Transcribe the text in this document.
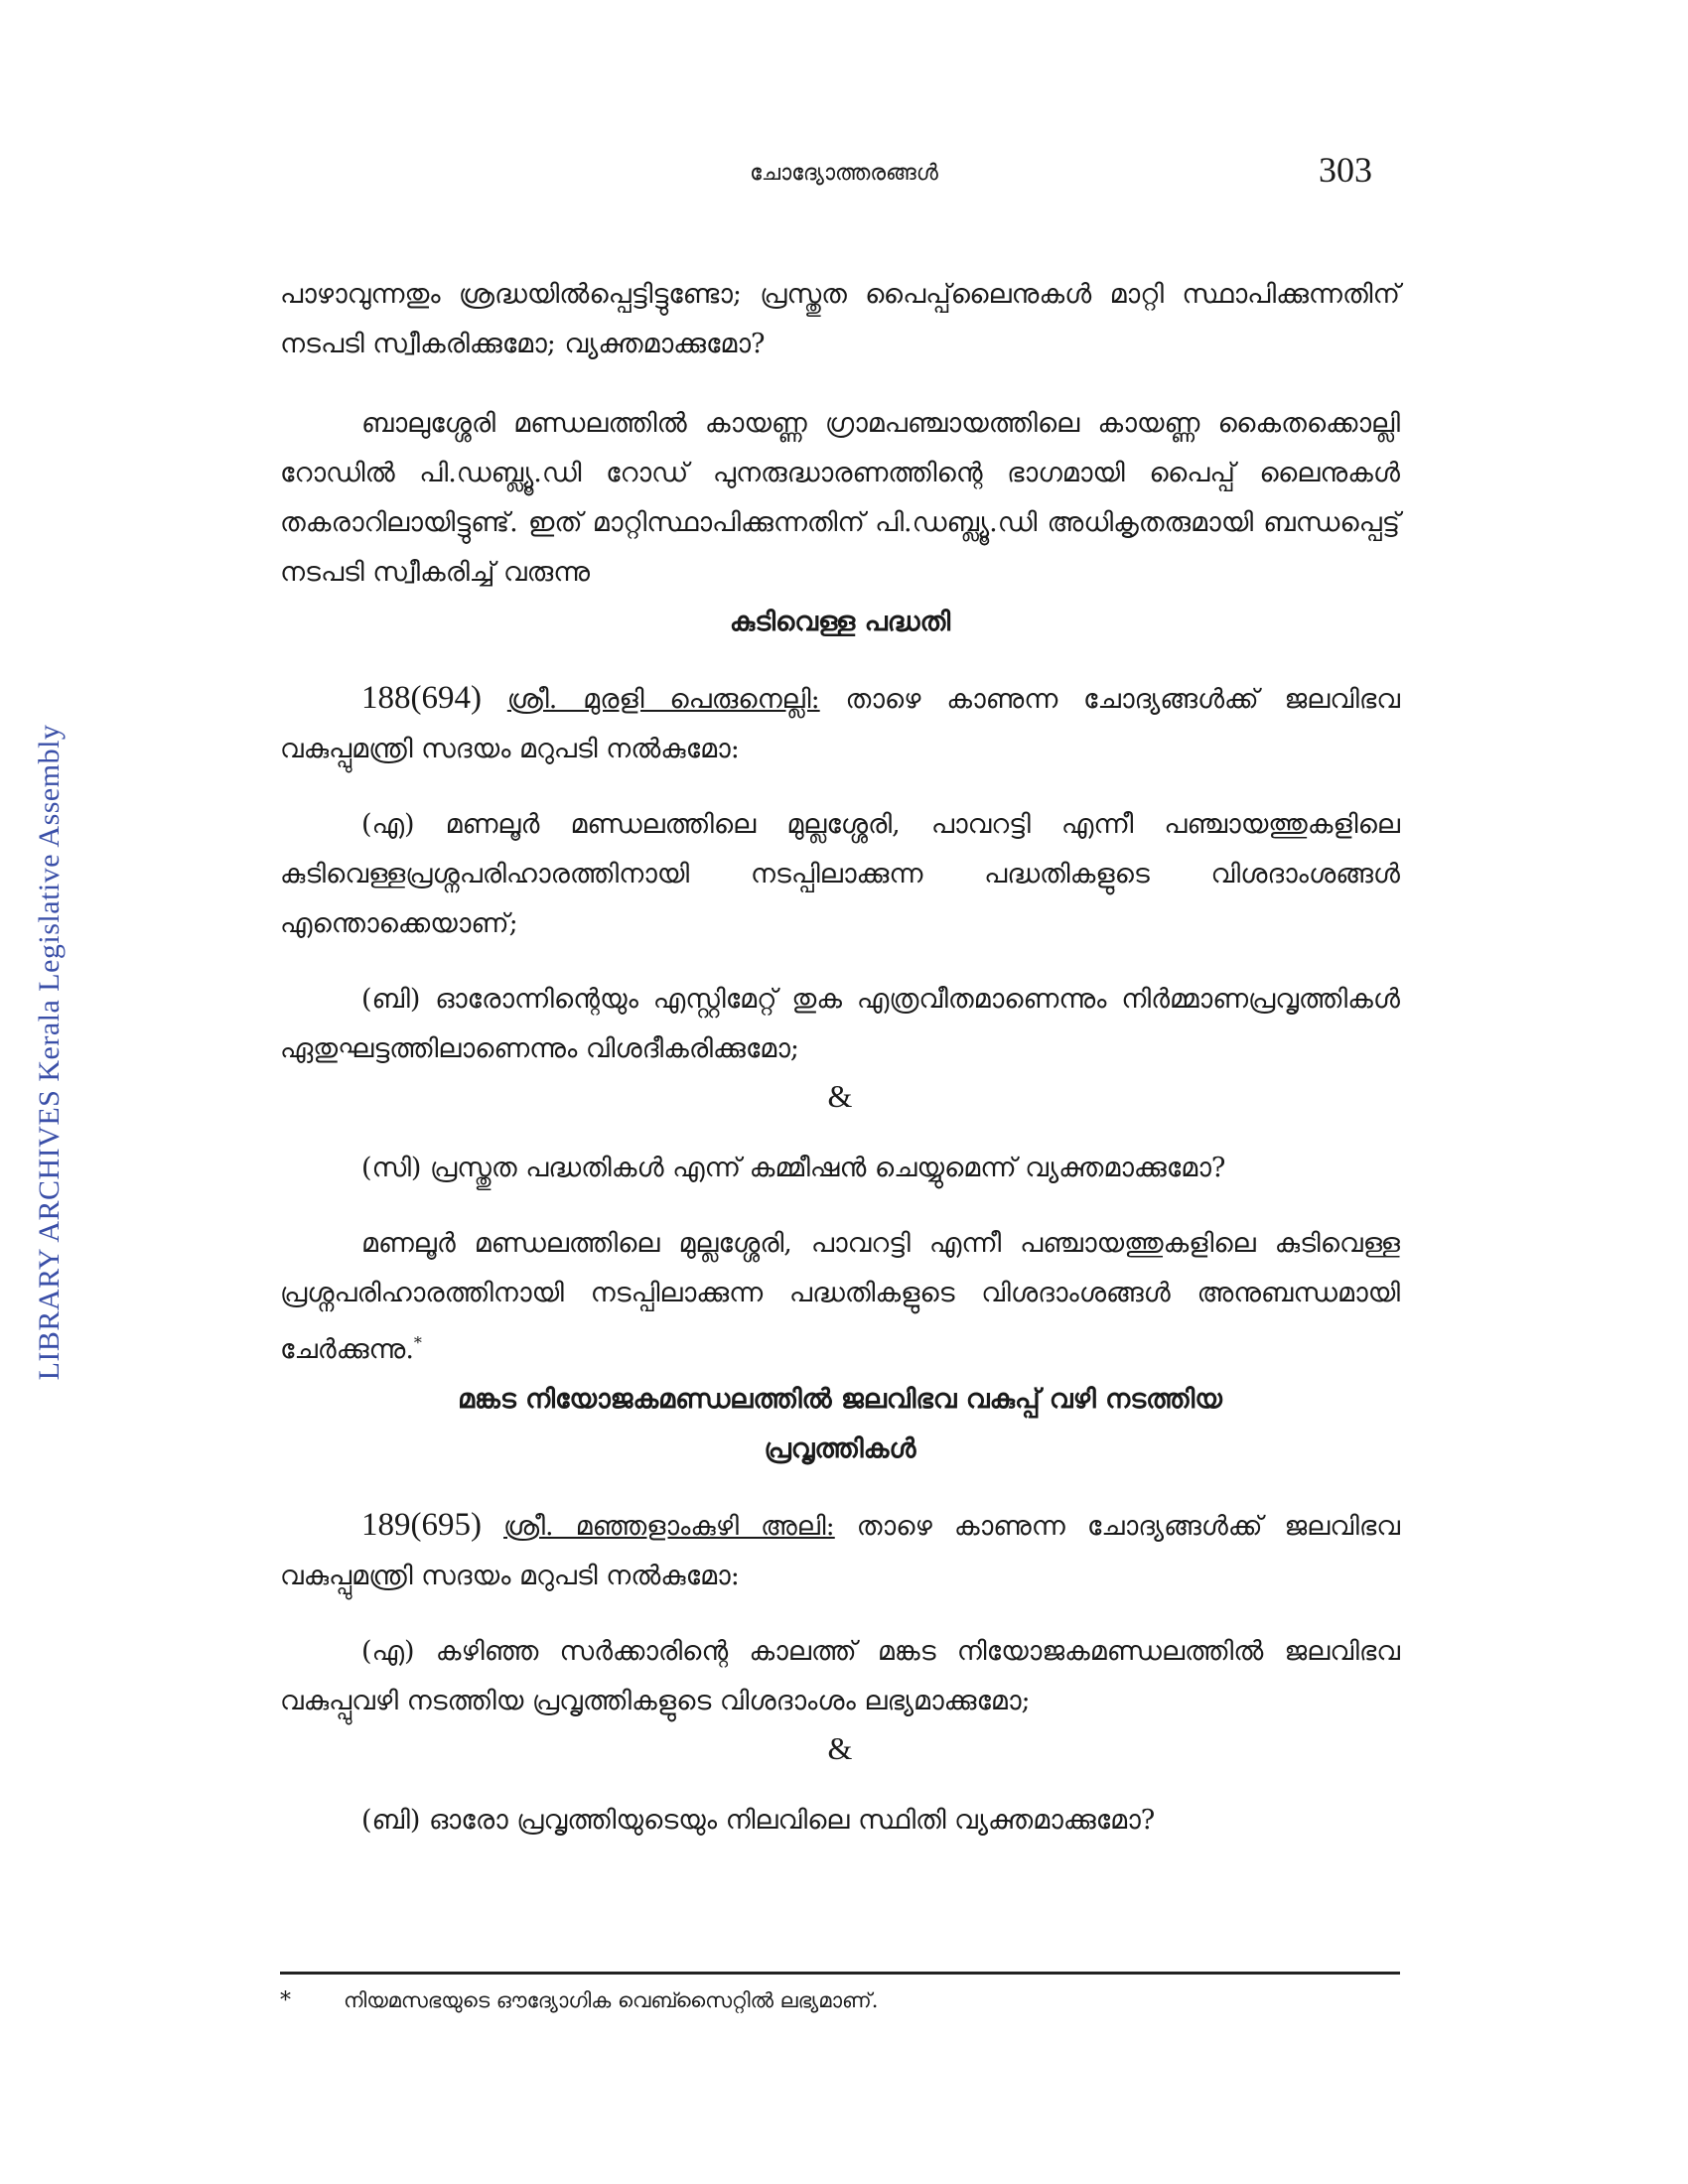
LIBRARY ARCHIVES Kerala Legislative Assembly
ചോദ്യോത്തരങ്ങൾ	303

പാഴാവുന്നതും ശ്രദ്ധയിൽപ്പെട്ടിട്ടുണ്ടോ; പ്രസ്തുത പൈപ്പ്‌ലൈനുകൾ മാറ്റി സ്ഥാപിക്കുന്നതിന് നടപടി സ്വീകരിക്കുമോ; വ്യക്തമാക്കുമോ?

ബാലുശ്ശേരി മണ്ഡലത്തിൽ കായണ്ണ ഗ്രാമപഞ്ചായത്തിലെ കായണ്ണ കൈതക്കൊല്ലി റോഡിൽ പി.ഡബ്ല്യൂ.ഡി റോഡ് പുനരുദ്ധാരണത്തിന്റെ ഭാഗമായി പൈപ്പ് ലൈനുകൾ തകരാറിലായിട്ടുണ്ട്. ഇത് മാറ്റിസ്ഥാപിക്കുന്നതിന് പി.ഡബ്ല്യൂ.ഡി അധികൃതരുമായി ബന്ധപ്പെട്ട് നടപടി സ്വീകരിച്ച് വരുന്നു

കുടിവെള്ള പദ്ധതി

188(694) ശ്രീ. മുരളി പെരുനെല്ലി: താഴെ കാണുന്ന ചോദ്യങ്ങൾക്ക് ജലവിഭവ വകുപ്പുമന്ത്രി സദയം മറുപടി നൽകുമോ:

(എ) മണലൂർ മണ്ഡലത്തിലെ മുല്ലശ്ശേരി, പാവറട്ടി എന്നീ പഞ്ചായത്തുകളിലെ കുടിവെള്ളപ്രശ്നപരിഹാരത്തിനായി നടപ്പിലാക്കുന്ന പദ്ധതികളുടെ വിശദാംശങ്ങൾ എന്തൊക്കെയാണ്;

(ബി) ഓരോന്നിന്റെയും എസ്റ്റിമേറ്റ് തുക എത്രവീതമാണെന്നും നിർമ്മാണപ്രവൃത്തികൾ ഏതുഘട്ടത്തിലാണെന്നും വിശദീകരിക്കുമോ;

&

(സി) പ്രസ്തുത പദ്ധതികൾ എന്ന് കമ്മീഷൻ ചെയ്യുമെന്ന് വ്യക്തമാക്കുമോ?

മണലൂർ മണ്ഡലത്തിലെ മുല്ലശ്ശേരി, പാവറട്ടി എന്നീ പഞ്ചായത്തുകളിലെ കുടിവെള്ള പ്രശ്നപരിഹാരത്തിനായി നടപ്പിലാക്കുന്ന പദ്ധതികളുടെ വിശദാംശങ്ങൾ അനുബന്ധമായി ചേർക്കുന്നു.*

മങ്കട നിയോജകമണ്ഡലത്തിൽ ജലവിഭവ വകുപ്പ് വഴി നടത്തിയ

പ്രവൃത്തികൾ

189(695) ശ്രീ. മഞ്ഞളാംകുഴി അലി: താഴെ കാണുന്ന ചോദ്യങ്ങൾക്ക് ജലവിഭവ വകുപ്പുമന്ത്രി സദയം മറുപടി നൽകുമോ:

(എ) കഴിഞ്ഞ സർക്കാരിന്റെ കാലത്ത് മങ്കട നിയോജകമണ്ഡലത്തിൽ ജലവിഭവ വകുപ്പുവഴി നടത്തിയ പ്രവൃത്തികളുടെ വിശദാംശം ലഭ്യമാക്കുമോ;

&

(ബി) ഓരോ പ്രവൃത്തിയുടെയും നിലവിലെ സ്ഥിതി വ്യക്തമാക്കുമോ?

*	നിയമസഭയുടെ ഔദ്യോഗിക വെബ്സൈറ്റിൽ ലഭ്യമാണ്.
